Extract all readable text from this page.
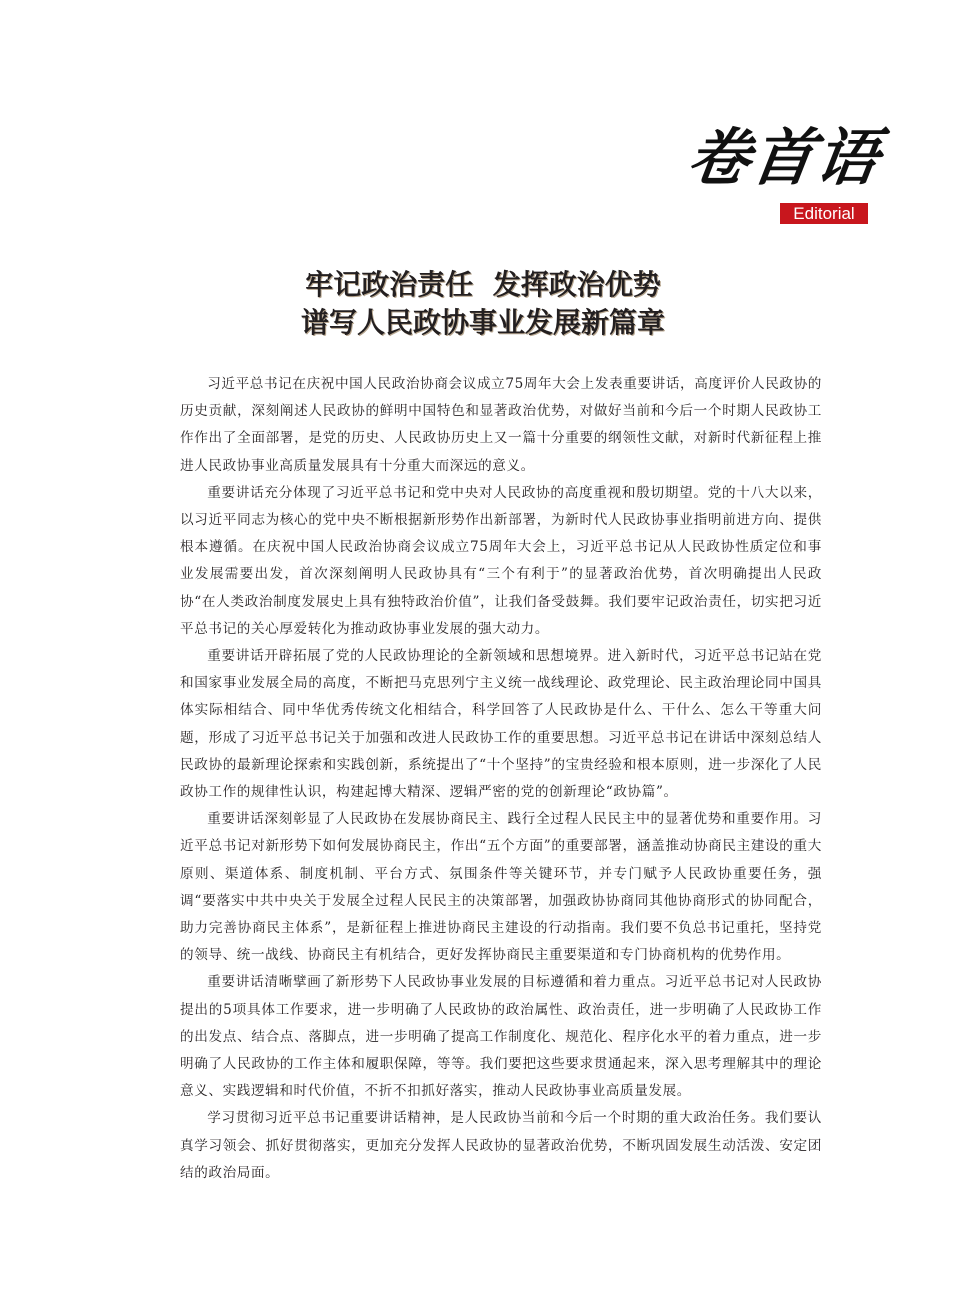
卷首语
Editorial
牢记政治责任  发挥政治优势
谱写人民政协事业发展新篇章

习近平总书记在庆祝中国人民政治协商会议成立75周年大会上发表重要讲话，高度评价人民政协的历史贡献，深刻阐述人民政协的鲜明中国特色和显著政治优势，对做好当前和今后一个时期人民政协工作作出了全面部署，是党的历史、人民政协历史上又一篇十分重要的纲领性文献，对新时代新征程上推进人民政协事业高质量发展具有十分重大而深远的意义。

重要讲话充分体现了习近平总书记和党中央对人民政协的高度重视和殷切期望。党的十八大以来，以习近平同志为核心的党中央不断根据新形势作出新部署，为新时代人民政协事业指明前进方向、提供根本遵循。在庆祝中国人民政治协商会议成立75周年大会上，习近平总书记从人民政协性质定位和事业发展需要出发，首次深刻阐明人民政协具有“三个有利于”的显著政治优势，首次明确提出人民政协“在人类政治制度发展史上具有独特政治价值”，让我们备受鼓舞。我们要牢记政治责任，切实把习近平总书记的关心厚爱转化为推动政协事业发展的强大动力。

重要讲话开辟拓展了党的人民政协理论的全新领域和思想境界。进入新时代，习近平总书记站在党和国家事业发展全局的高度，不断把马克思列宁主义统一战线理论、政党理论、民主政治理论同中国具体实际相结合、同中华优秀传统文化相结合，科学回答了人民政协是什么、干什么、怎么干等重大问题，形成了习近平总书记关于加强和改进人民政协工作的重要思想。习近平总书记在讲话中深刻总结人民政协的最新理论探索和实践创新，系统提出了“十个坚持”的宝贵经验和根本原则，进一步深化了人民政协工作的规律性认识，构建起博大精深、逻辑严密的党的创新理论“政协篇”。

重要讲话深刻彰显了人民政协在发展协商民主、践行全过程人民民主中的显著优势和重要作用。习近平总书记对新形势下如何发展协商民主，作出“五个方面”的重要部署，涵盖推动协商民主建设的重大原则、渠道体系、制度机制、平台方式、氛围条件等关键环节，并专门赋予人民政协重要任务，强调“要落实中共中央关于发展全过程人民民主的决策部署，加强政协协商同其他协商形式的协同配合，助力完善协商民主体系”，是新征程上推进协商民主建设的行动指南。我们要不负总书记重托，坚持党的领导、统一战线、协商民主有机结合，更好发挥协商民主重要渠道和专门协商机构的优势作用。

重要讲话清晰擘画了新形势下人民政协事业发展的目标遵循和着力重点。习近平总书记对人民政协提出的5项具体工作要求，进一步明确了人民政协的政治属性、政治责任，进一步明确了人民政协工作的出发点、结合点、落脚点，进一步明确了提高工作制度化、规范化、程序化水平的着力重点，进一步明确了人民政协的工作主体和履职保障，等等。我们要把这些要求贯通起来，深入思考理解其中的理论意义、实践逻辑和时代价值，不折不扣抓好落实，推动人民政协事业高质量发展。

学习贯彻习近平总书记重要讲话精神，是人民政协当前和今后一个时期的重大政治任务。我们要认真学习领会、抓好贯彻落实，更加充分发挥人民政协的显著政治优势，不断巩固发展生动活泼、安定团结的政治局面。
